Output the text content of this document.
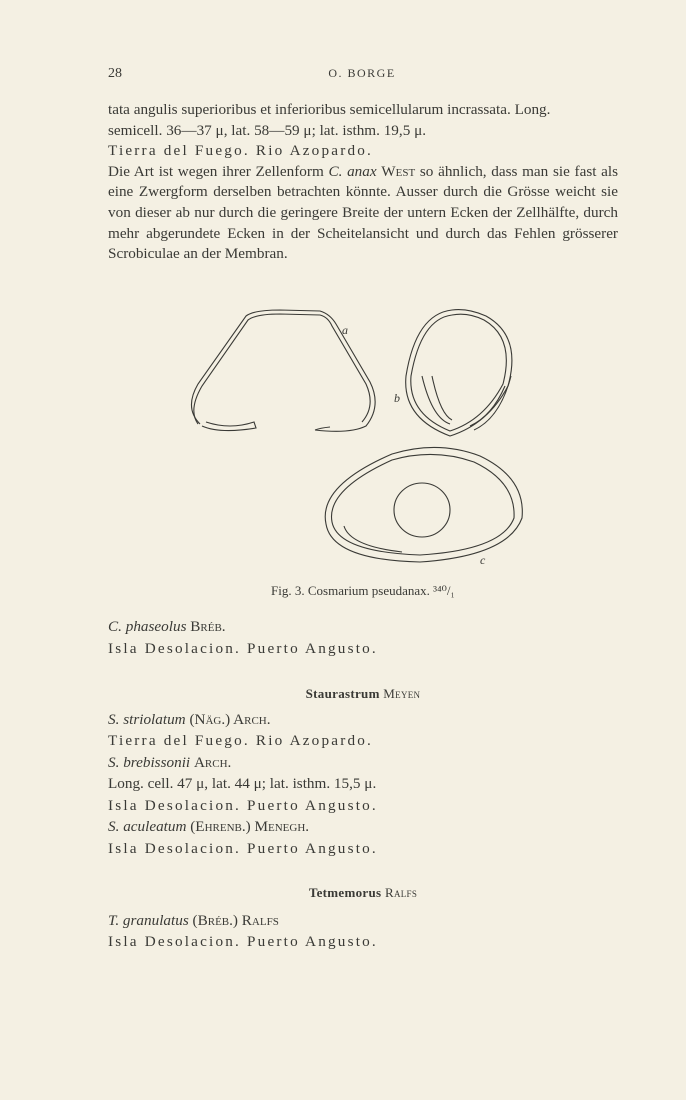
28	O. BORGE

tata angulis superioribus et inferioribus semicellularum incrassata. Long.

semicell. 36—37 μ, lat. 58—59 μ; lat. isthm. 19,5 μ.

Tierra del Fuego. Rio Azopardo.

Die Art ist wegen ihrer Zellenform C. anax West so ähnlich, dass man sie fast als eine Zwergform derselben betrachten könnte. Ausser durch die Grösse weicht sie von dieser ab nur durch die geringere Breite der untern Ecken der Zellhälfte, durch mehr abgerundete Ecken in der Scheitelansicht und durch das Fehlen grösserer Scrobiculae an der Membran.

a
b
c
Fig. 3. Cosmarium pseudanax. ³⁴⁰/₁

C. phaseolus Bréb.

Isla Desolacion. Puerto Angusto.

Staurastrum Meyen

S. striolatum (Näg.) Arch.

Tierra del Fuego. Rio Azopardo.

S. brebissonii Arch.

Long. cell. 47 μ, lat. 44 μ; lat. isthm. 15,5 μ.

Isla Desolacion. Puerto Angusto.

S. aculeatum (Ehrenb.) Menegh.

Isla Desolacion. Puerto Angusto.

Tetmemorus Ralfs

T. granulatus (Bréb.) Ralfs

Isla Desolacion. Puerto Angusto.
